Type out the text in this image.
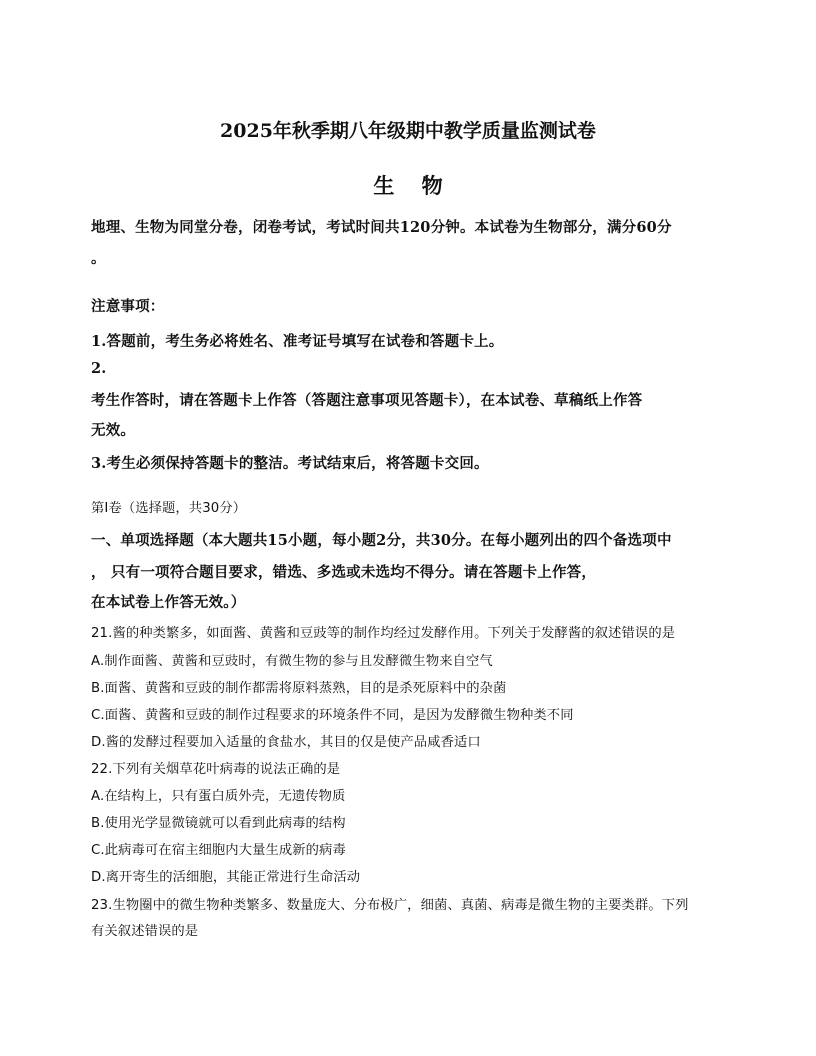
2025年秋季期八年级期中教学质量监测试卷
生 物
地理、生物为同堂分卷，闭卷考试，考试时间共120分钟。本试卷为生物部分，满分60分
。
注意事项：
1.答题前，考生务必将姓名、准考证号填写在试卷和答题卡上。
2.
考生作答时，请在答题卡上作答（答题注意事项见答题卡），在本试卷、草稿纸上作答
无效。
3.考生必须保持答题卡的整洁。考试结束后，将答题卡交回。
第Ⅰ卷（选择题，共30分）
一、单项选择题（本大题共15小题，每小题2分，共30分。在每小题列出的四个备选项中
， 只有一项符合题目要求，错选、多选或未选均不得分。请在答题卡上作答，
在本试卷上作答无效。）
21.酱的种类繁多，如面酱、黄酱和豆豉等的制作均经过发酵作用。下列关于发酵酱的叙述错误的是
A.制作面酱、黄酱和豆豉时，有微生物的参与且发酵微生物来自空气
B.面酱、黄酱和豆豉的制作都需将原料蒸熟，目的是杀死原料中的杂菌
C.面酱、黄酱和豆豉的制作过程要求的环境条件不同，是因为发酵微生物种类不同
D.酱的发酵过程要加入适量的食盐水，其目的仅是使产品咸香适口
22.下列有关烟草花叶病毒的说法正确的是
A.在结构上，只有蛋白质外壳，无遗传物质
B.使用光学显微镜就可以看到此病毒的结构
C.此病毒可在宿主细胞内大量生成新的病毒
D.离开寄生的活细胞，其能正常进行生命活动
23.生物圈中的微生物种类繁多、数量庞大、分布极广，细菌、真菌、病毒是微生物的主要类群。下列
有关叙述错误的是
